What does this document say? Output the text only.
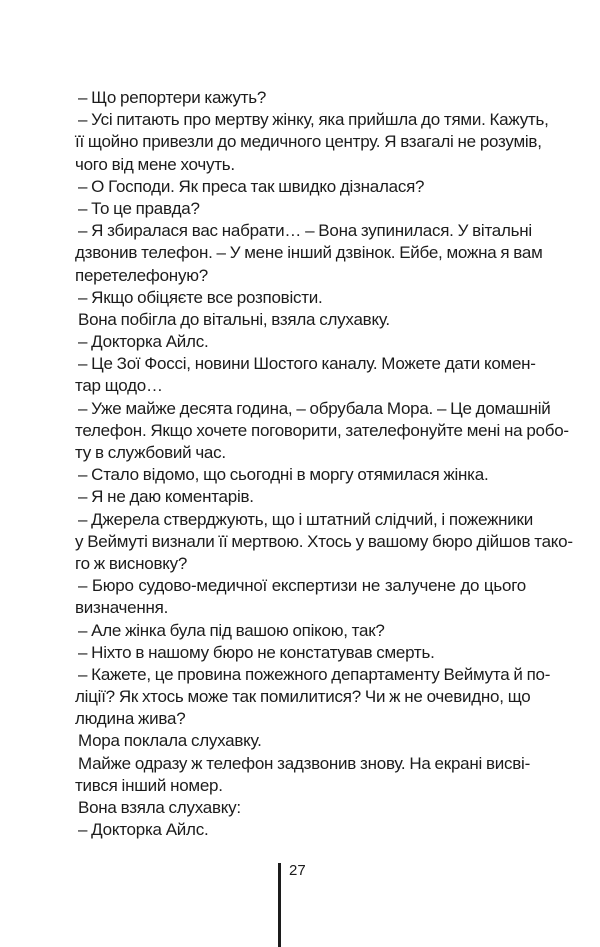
– Що репортери кажуть?
– Усі питають про мертву жінку, яка прийшла до тями. Кажуть,
її щойно привезли до медичного центру. Я взагалі не розумів,
чого від мене хочуть.
– О Господи. Як преса так швидко дізналася?
– То це правда?
– Я збиралася вас набрати… – Вона зупинилася. У вітальні
дзвонив телефон. – У мене інший дзвінок. Ейбе, можна я вам
перетелефоную?
– Якщо обіцяєте все розповісти.
Вона побігла до вітальні, взяла слухавку.
– Докторка Айлс.
– Це Зої Фоссі, новини Шостого каналу. Можете дати комен-
тар щодо…
– Уже майже десята година, – обрубала Мора. – Це домашній
телефон. Якщо хочете поговорити, зателефонуйте мені на робо-
ту в службовий час.
– Стало відомо, що сьогодні в моргу отямилася жінка.
– Я не даю коментарів.
– Джерела стверджують, що і штатний слідчий, і пожежники
у Веймуті визнали її мертвою. Хтось у вашому бюро дійшов тако-
го ж висновку?
– Бюро судово-медичної експертизи не залучене до цього
визначення.
– Але жінка була під вашою опікою, так?
– Ніхто в нашому бюро не констатував смерть.
– Кажете, це провина пожежного департаменту Веймута й по-
ліції? Як хтось може так помилитися? Чи ж не очевидно, що
людина жива?
Мора поклала слухавку.
Майже одразу ж телефон задзвонив знову. На екрані висві-
тився інший номер.
Вона взяла слухавку:
– Докторка Айлс.
27
